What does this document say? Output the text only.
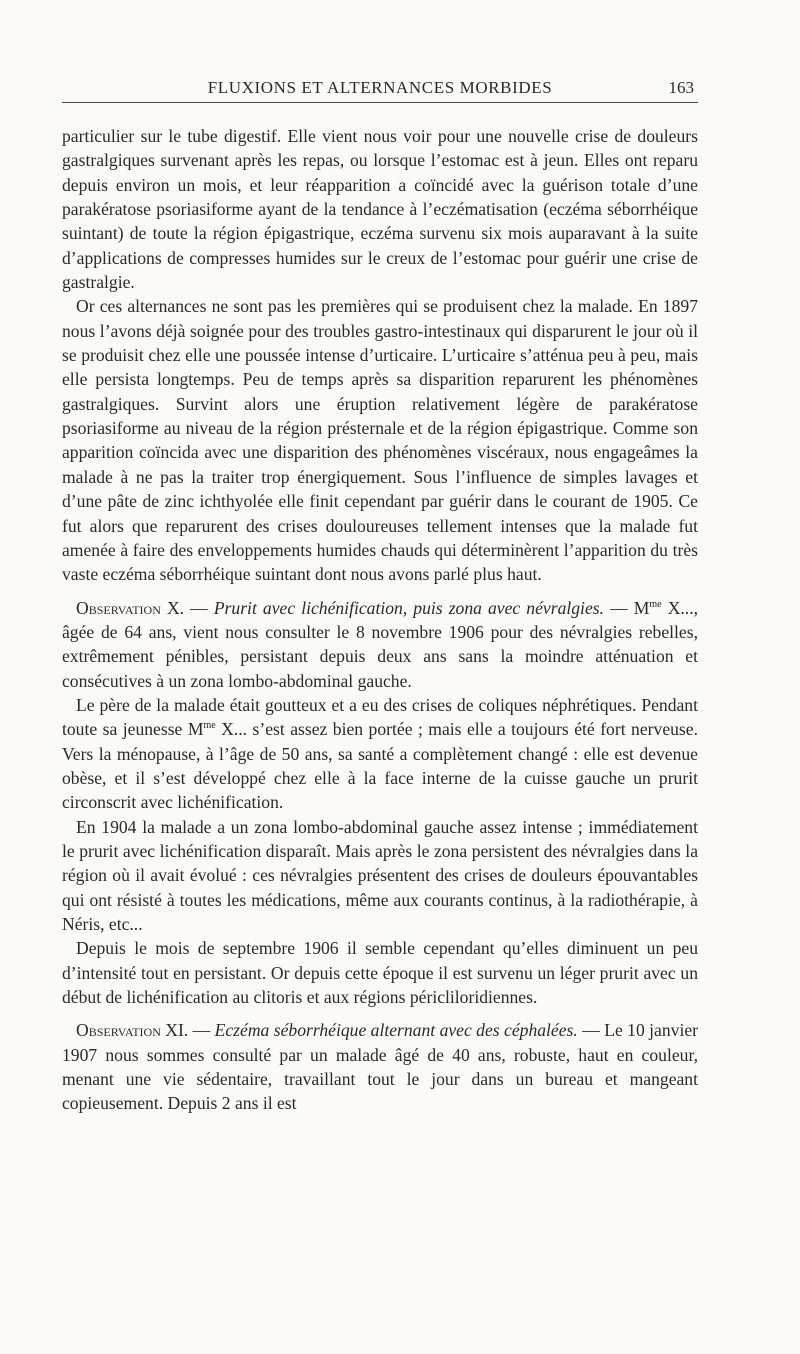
FLUXIONS ET ALTERNANCES MORBIDES	163

particulier sur le tube digestif. Elle vient nous voir pour une nouvelle crise de douleurs gastralgiques survenant après les repas, ou lorsque l’estomac est à jeun. Elles ont reparu depuis environ un mois, et leur réapparition a coïncidé avec la guérison totale d’une parakératose psoriasiforme ayant de la tendance à l’eczématisation (eczéma séborrhéique suintant) de toute la région épigastrique, eczéma survenu six mois auparavant à la suite d’applications de compresses humides sur le creux de l’estomac pour guérir une crise de gastralgie.

Or ces alternances ne sont pas les premières qui se produisent chez la malade. En 1897 nous l’avons déjà soignée pour des troubles gastro-intestinaux qui disparurent le jour où il se produisit chez elle une poussée intense d’urticaire. L’urticaire s’atténua peu à peu, mais elle persista longtemps. Peu de temps après sa disparition reparurent les phénomènes gastralgiques. Survint alors une éruption relativement légère de parakératose psoriasiforme au niveau de la région présternale et de la région épigastrique. Comme son apparition coïncida avec une disparition des phénomènes viscéraux, nous engageâmes la malade à ne pas la traiter trop énergiquement. Sous l’influence de simples lavages et d’une pâte de zinc ichthyolée elle finit cependant par guérir dans le courant de 1905. Ce fut alors que reparurent des crises douloureuses tellement intenses que la malade fut amenée à faire des enveloppements humides chauds qui déterminèrent l’apparition du très vaste eczéma séborrhéique suintant dont nous avons parlé plus haut.

Observation X. — Prurit avec lichénification, puis zona avec névralgies. — $M^{me}$ X..., âgée de 64 ans, vient nous consulter le 8 novembre 1906 pour des névralgies rebelles, extrêmement pénibles, persistant depuis deux ans sans la moindre atténuation et consécutives à un zona lombo-abdominal gauche.

Le père de la malade était goutteux et a eu des crises de coliques néphrétiques. Pendant toute sa jeunesse $M^{me}$ X... s’est assez bien portée ; mais elle a toujours été fort nerveuse. Vers la ménopause, à l’âge de 50 ans, sa santé a complètement changé : elle est devenue obèse, et il s’est développé chez elle à la face interne de la cuisse gauche un prurit circonscrit avec lichénification.

En 1904 la malade a un zona lombo-abdominal gauche assez intense ; immédiatement le prurit avec lichénification disparaît. Mais après le zona persistent des névralgies dans la région où il avait évolué : ces névralgies présentent des crises de douleurs épouvantables qui ont résisté à toutes les médications, même aux courants continus, à la radiothérapie, à Néris, etc...

Depuis le mois de septembre 1906 il semble cependant qu’elles diminuent un peu d’intensité tout en persistant. Or depuis cette époque il est survenu un léger prurit avec un début de lichénification au clitoris et aux régions péricliloridiennes.

Observation XI. — Eczéma séborrhéique alternant avec des céphalées. — Le 10 janvier 1907 nous sommes consulté par un malade âgé de 40 ans, robuste, haut en couleur, menant une vie sédentaire, travaillant tout le jour dans un bureau et mangeant copieusement. Depuis 2 ans il est
